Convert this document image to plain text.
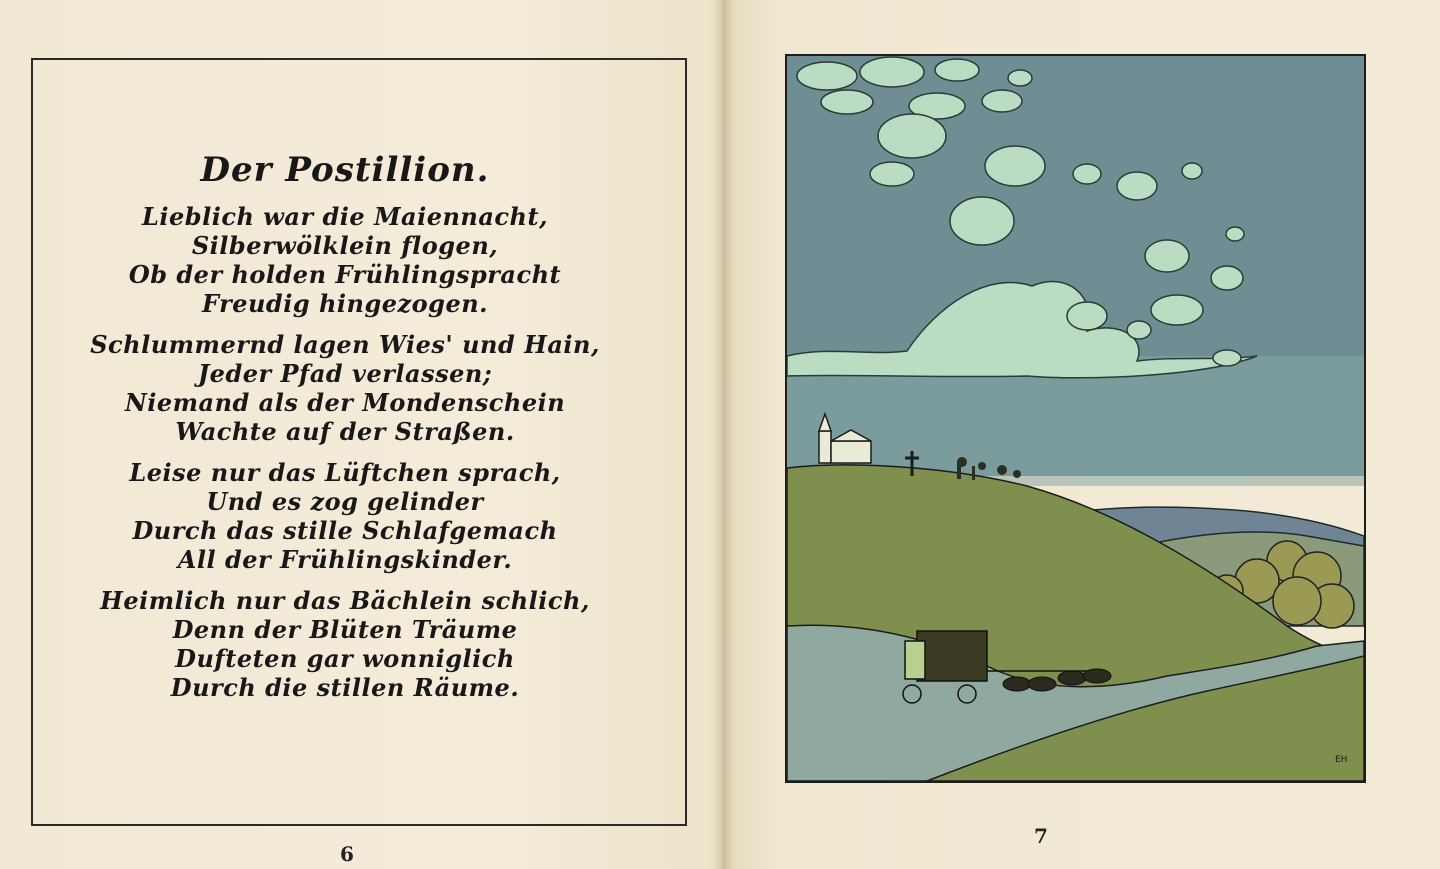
Der Postillion.
Lieblich war die Maiennacht,
Silberwölklein flogen,
Ob der holden Frühlingspracht
Freudig hingezogen.
Schlummernd lagen Wies' und Hain,
Jeder Pfad verlassen;
Niemand als der Mondenschein
Wachte auf der Straßen.
Leise nur das Lüftchen sprach,
Und es zog gelinder
Durch das stille Schlafgemach
All der Frühlingskinder.
Heimlich nur das Bächlein schlich,
Denn der Blüten Träume
Dufteten gar wonniglich
Durch die stillen Räume.
6
EH
7
